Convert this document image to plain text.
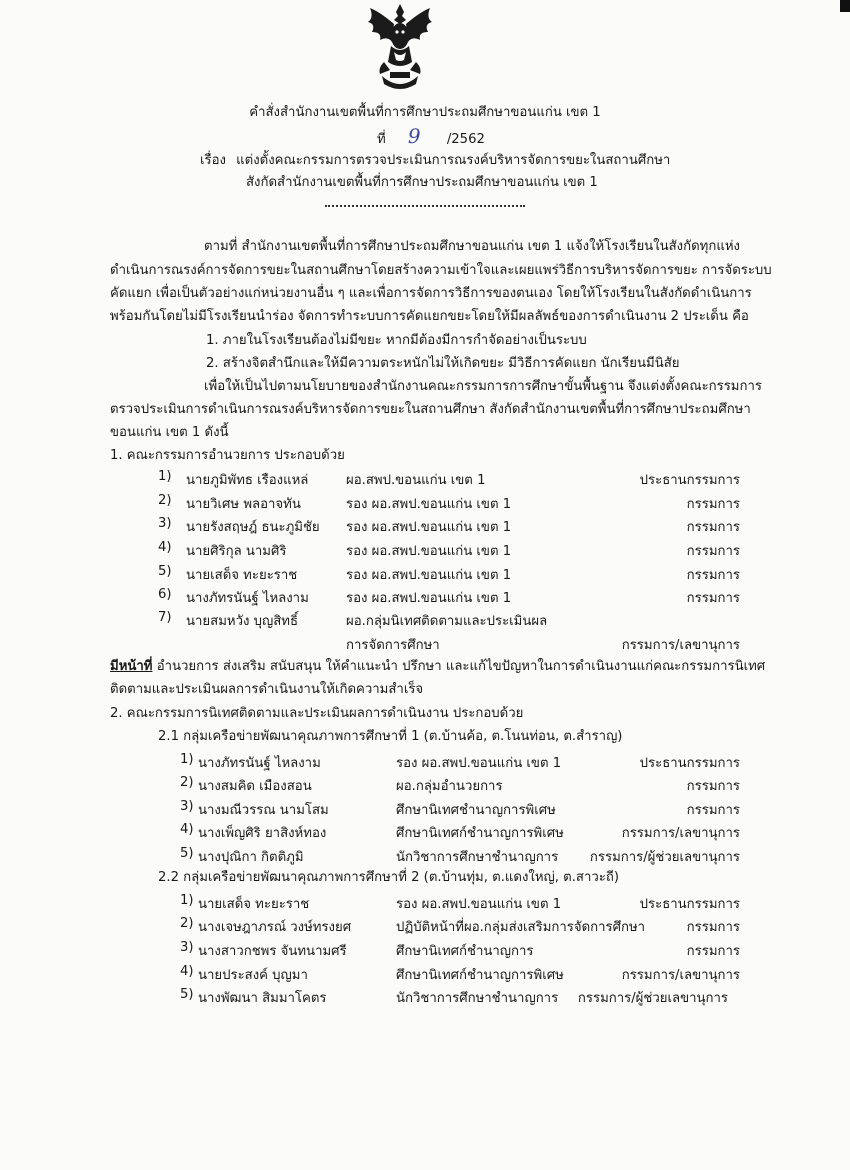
คำสั่งสำนักงานเขตพื้นที่การศึกษาประถมศึกษาขอนแก่น เขต 1
ที่ 9 /2562
เรื่อง แต่งตั้งคณะกรรมการตรวจประเมินการณรงค์บริหารจัดการขยะในสถานศึกษา
สังกัดสำนักงานเขตพื้นที่การศึกษาประถมศึกษาขอนแก่น เขต 1
ตามที่ สำนักงานเขตพื้นที่การศึกษาประถมศึกษาขอนแก่น เขต 1 แจ้งให้โรงเรียนในสังกัดทุกแห่ง
ดำเนินการณรงค์การจัดการขยะในสถานศึกษาโดยสร้างความเข้าใจและเผยแพร่วิธีการบริหารจัดการขยะ การจัดระบบ
คัดแยก เพื่อเป็นตัวอย่างแก่หน่วยงานอื่น ๆ และเพื่อการจัดการวิธีการของตนเอง โดยให้โรงเรียนในสังกัดดำเนินการ
พร้อมกันโดยไม่มีโรงเรียนนำร่อง จัดการทำระบบการคัดแยกขยะโดยให้มีผลลัพธ์ของการดำเนินงาน 2 ประเด็น คือ
1. ภายในโรงเรียนต้องไม่มีขยะ หากมีต้องมีการกำจัดอย่างเป็นระบบ
2. สร้างจิตสำนึกและให้มีความตระหนักไม่ให้เกิดขยะ มีวิธีการคัดแยก นักเรียนมีนิสัย
เพื่อให้เป็นไปตามนโยบายของสำนักงานคณะกรรมการการศึกษาขั้นพื้นฐาน จึงแต่งตั้งคณะกรรมการ
ตรวจประเมินการดำเนินการณรงค์บริหารจัดการขยะในสถานศึกษา สังกัดสำนักงานเขตพื้นที่การศึกษาประถมศึกษา
ขอนแก่น เขต 1 ดังนี้
1. คณะกรรมการอำนวยการ ประกอบด้วย
1) นายภูมิพัทธ เรืองแหล่	ผอ.สพป.ขอนแก่น เขต 1	ประธานกรรมการ
2) นายวิเศษ พลอาจทัน	รอง ผอ.สพป.ขอนแก่น เขต 1	กรรมการ
3) นายรังสฤษฎ์ ธนะภูมิชัย รอง ผอ.สพป.ขอนแก่น เขต 1	กรรมการ
4) นายศิริกุล นามศิริ	รอง ผอ.สพป.ขอนแก่น เขต 1	กรรมการ
5) นายเสด็จ ทะยะราช	รอง ผอ.สพป.ขอนแก่น เขต 1	กรรมการ
6) นางภัทรนันฐ์ ไหลงาม	รอง ผอ.สพป.ขอนแก่น เขต 1	กรรมการ
7) นายสมหวัง บุญสิทธิ์	ผอ.กลุ่มนิเทศติดตามและประเมินผล
การจัดการศึกษา	กรรมการ/เลขานุการ
มีหน้าที่ อำนวยการ ส่งเสริม สนับสนุน ให้คำแนะนำ ปรึกษา และแก้ไขปัญหาในการดำเนินงานแก่คณะกรรมการนิเทศ
ติดตามและประเมินผลการดำเนินงานให้เกิดความสำเร็จ
2. คณะกรรมการนิเทศติดตามและประเมินผลการดำเนินงาน ประกอบด้วย
2.1 กลุ่มเครือข่ายพัฒนาคุณภาพการศึกษาที่ 1 (ต.บ้านค้อ, ต.โนนท่อน, ต.สำราญ)
1) นางภัทรนันฐ์ ไหลงาม	รอง ผอ.สพป.ขอนแก่น เขต 1	ประธานกรรมการ
2) นางสมคิด เมืองสอน	ผอ.กลุ่มอำนวยการ	กรรมการ
3) นางมณีวรรณ นามโสม	ศึกษานิเทศชำนาญการพิเศษ	กรรมการ
4) นางเพ็ญศิริ ยาสิงห์ทอง	ศึกษานิเทศก์ชำนาญการพิเศษ	กรรมการ/เลขานุการ
5) นางปุณิกา กิตติภูมิ	นักวิชาการศึกษาชำนาญการ กรรมการ/ผู้ช่วยเลขานุการ
2.2 กลุ่มเครือข่ายพัฒนาคุณภาพการศึกษาที่ 2 (ต.บ้านทุ่ม, ต.แดงใหญ่, ต.สาวะถี)
1) นายเสด็จ ทะยะราช	รอง ผอ.สพป.ขอนแก่น เขต 1	ประธานกรรมการ
2) นางเจษฎาภรณ์ วงษ์ทรงยศ	ปฏิบัติหน้าที่ผอ.กลุ่มส่งเสริมการจัดการศึกษา	กรรมการ
3) นางสาวกชพร จันทนามศรี	ศึกษานิเทศก์ชำนาญการ	กรรมการ
4) นายประสงค์ บุญมา	ศึกษานิเทศก์ชำนาญการพิเศษ	กรรมการ/เลขานุการ
5) นางพัฒนา สิมมาโคตร	นักวิชาการศึกษาชำนาญการ กรรมการ/ผู้ช่วยเลขานุการ
